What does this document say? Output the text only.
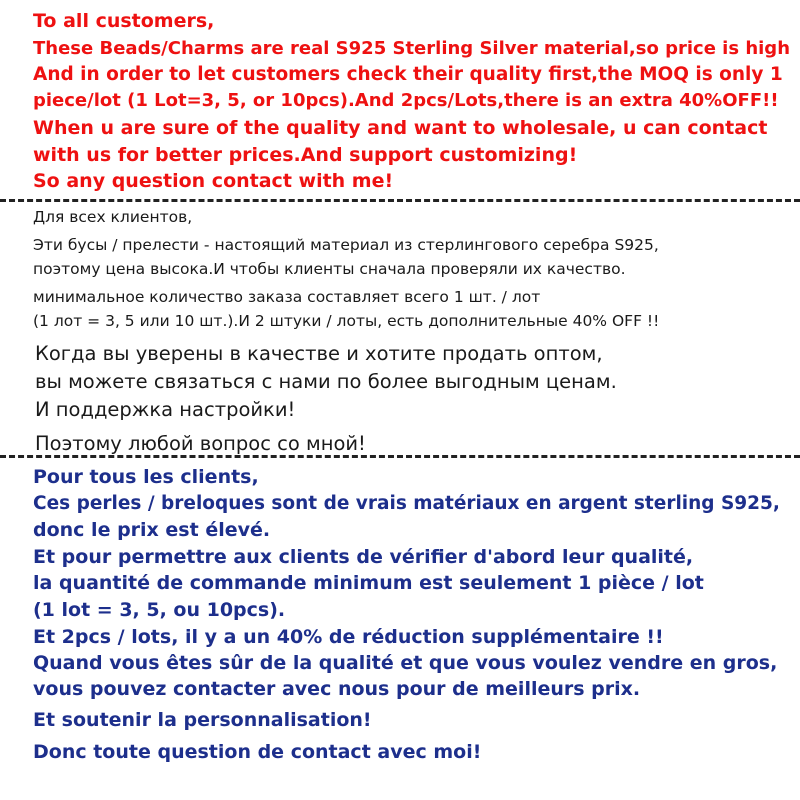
To all customers,
These Beads/Charms are real S925 Sterling Silver material,so price is high
And in order to let customers check their quality first,the MOQ is only 1
piece/lot (1 Lot=3, 5, or 10pcs).And 2pcs/Lots,there is an extra 40%OFF!!
When u are sure of the quality and want to wholesale, u can contact
with us for better prices.And support customizing!
So any question contact with me!
Для всех клиентов,
Эти бусы / прелести - настоящий материал из стерлингового серебра S925,
поэтому цена высока.И чтобы клиенты сначала проверяли их качество.
минимальное количество заказа составляет всего 1 шт. / лот
(1 лот = 3, 5 или 10 шт.).И 2 штуки / лоты, есть дополнительные 40% OFF !!
Когда вы уверены в качестве и хотите продать оптом,
вы можете связаться с нами по более выгодным ценам.
И поддержка настройки!
Поэтому любой вопрос со мной!
Pour tous les clients,
Ces perles / breloques sont de vrais matériaux en argent sterling S925,
donc le prix est élevé.
Et pour permettre aux clients de vérifier d'abord leur qualité,
la quantité de commande minimum est seulement 1 pièce / lot
(1 lot = 3, 5, ou 10pcs).
Et 2pcs / lots, il y a un 40% de réduction supplémentaire !!
Quand vous êtes sûr de la qualité et que vous voulez vendre en gros,
vous pouvez contacter avec nous pour de meilleurs prix.
Et soutenir la personnalisation!
Donc toute question de contact avec moi!
